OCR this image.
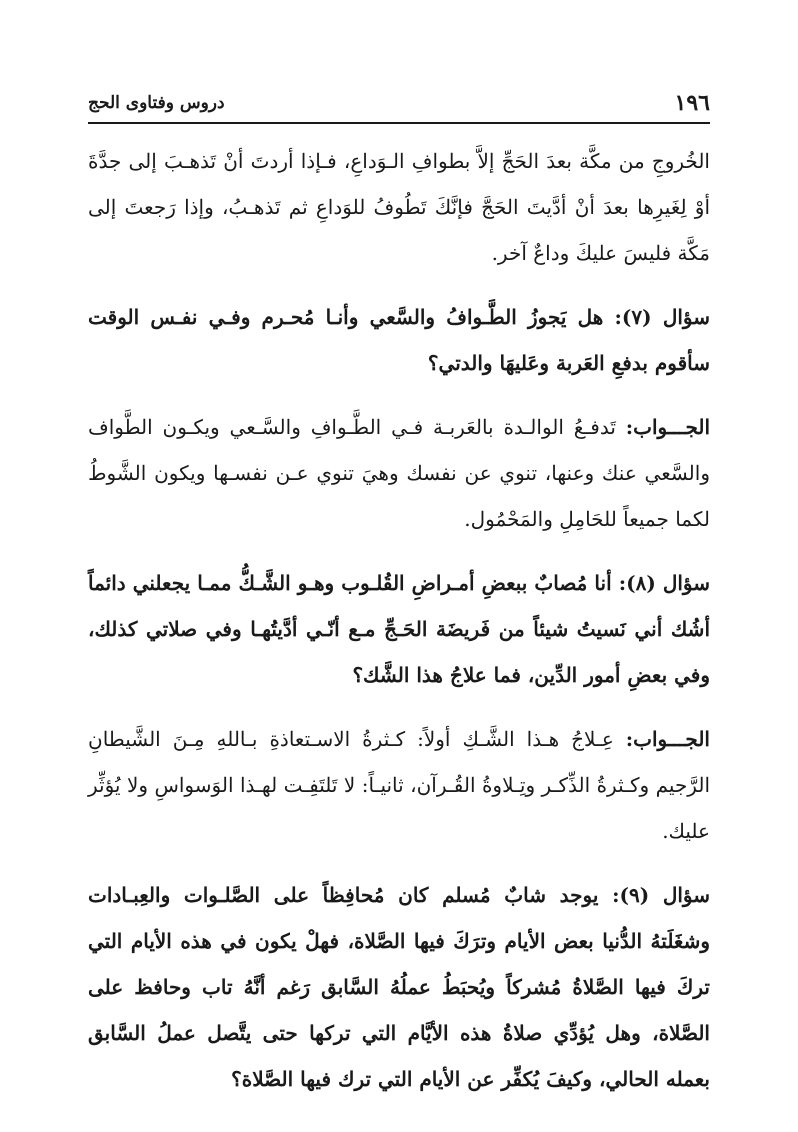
١٩٦
دروس وفتاوى الحج

الخُروجِ من مكَّة بعدَ الحَجِّ إلاَّ بطوافِ الـوَداعِ، فـإذا أردتَ أنْ تَذهـبَ إلى جدَّةَ أوْ لِغَيرِها بعدَ أنْ أدَّيتَ الحَجَّ فإنَّكَ تَطُوفُ للوَداعِ ثم تَذهـبُ، وإذا رَجعتَ إلى مَكَّة فليسَ عليكَ وداعٌ آخر.

سؤال (٧): هل يَجوزُ الطَّـوافُ والسَّعي وأنـا مُحـرم وفـي نفـس الوقت سأقوم بدفعِ العَربة وعَليهَا والدتي؟

الجـــواب: تَدفـعُ الوالـدة بالعَربـة فـي الطَّـوافِ والسَّـعي ويكـون الطَّواف والسَّعي عنك وعنها، تنوي عن نفسك وهيَ تنوي عـن نفسـها ويكون الشَّوطُ لكما جميعاً للحَامِلِ والمَحْمُول.

سؤال (٨): أنا مُصابٌ ببعضِ أمـراضِ القُلـوب وهـو الشَّـكُّ ممـا يجعلني دائماً أشُك أني نَسيتُ شيئاً من فَريضَة الحَـجِّ مـع أنّـي أدَّيتُهـا وفي صلاتي كذلك، وفي بعضِ أمور الدِّين، فما علاجُ هذا الشَّك؟

الجـــواب: عِـلاجُ هـذا الشَّـكِ أولاً: كـثرةُ الاسـتعاذةِ بـاللهِ مِـنَ الشَّيطانِ الرَّجيم وكـثرةُ الذِّكـر وتِـلاوةُ القُـرآن، ثانيـاً: لا تَلتَفِـت لهـذا الوَسواسِ ولا يُؤثِّر عليك.

سؤال (٩): يوجد شابٌ مُسلم كان مُحافِظاً على الصَّلـوات والعِبـادات وشغَلَتهُ الدُّنيا بعض الأيام وترَكَ فيها الصَّلاة، فهلْ يكون في هذه الأيام التي تركَ فيها الصَّلاةُ مُشركاً ويُحبَطُ عملُهُ السَّابق رَغم أنَّهُ تاب وحافظ على الصَّلاة، وهل يُؤدِّي صلاةُ هذه الأيَّام التي تركها حتى يتَّصل عملُ السَّابق بعمله الحالي، وكيفَ يُكفِّر عن الأيام التي ترك فيها الصَّلاة؟
